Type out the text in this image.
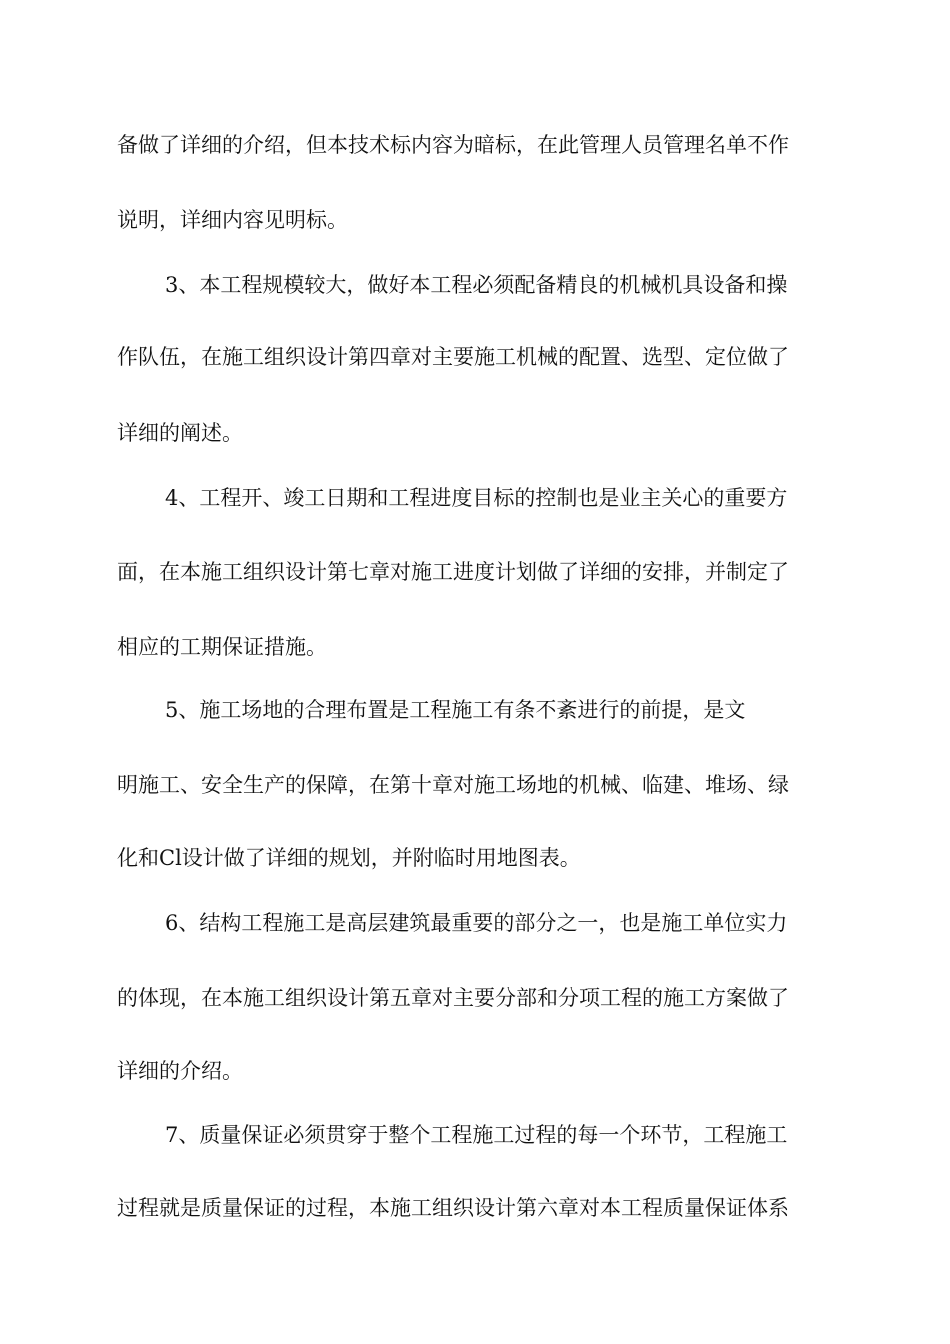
备做了详细的介绍，但本技术标内容为暗标，在此管理人员管理名单不作
说明，详细内容见明标。
3、本工程规模较大，做好本工程必须配备精良的机械机具设备和操
作队伍，在施工组织设计第四章对主要施工机械的配置、选型、定位做了
详细的阐述。
4、工程开、竣工日期和工程进度目标的控制也是业主关心的重要方
面，在本施工组织设计第七章对施工进度计划做了详细的安排，并制定了
相应的工期保证措施。
5、施工场地的合理布置是工程施工有条不紊进行的前提，是文
明施工、安全生产的保障，在第十章对施工场地的机械、临建、堆场、绿
化和Cl设计做了详细的规划，并附临时用地图表。
6、结构工程施工是高层建筑最重要的部分之一，也是施工单位实力
的体现，在本施工组织设计第五章对主要分部和分项工程的施工方案做了
详细的介绍。
7、质量保证必须贯穿于整个工程施工过程的每一个环节，工程施工
过程就是质量保证的过程，本施工组织设计第六章对本工程质量保证体系
